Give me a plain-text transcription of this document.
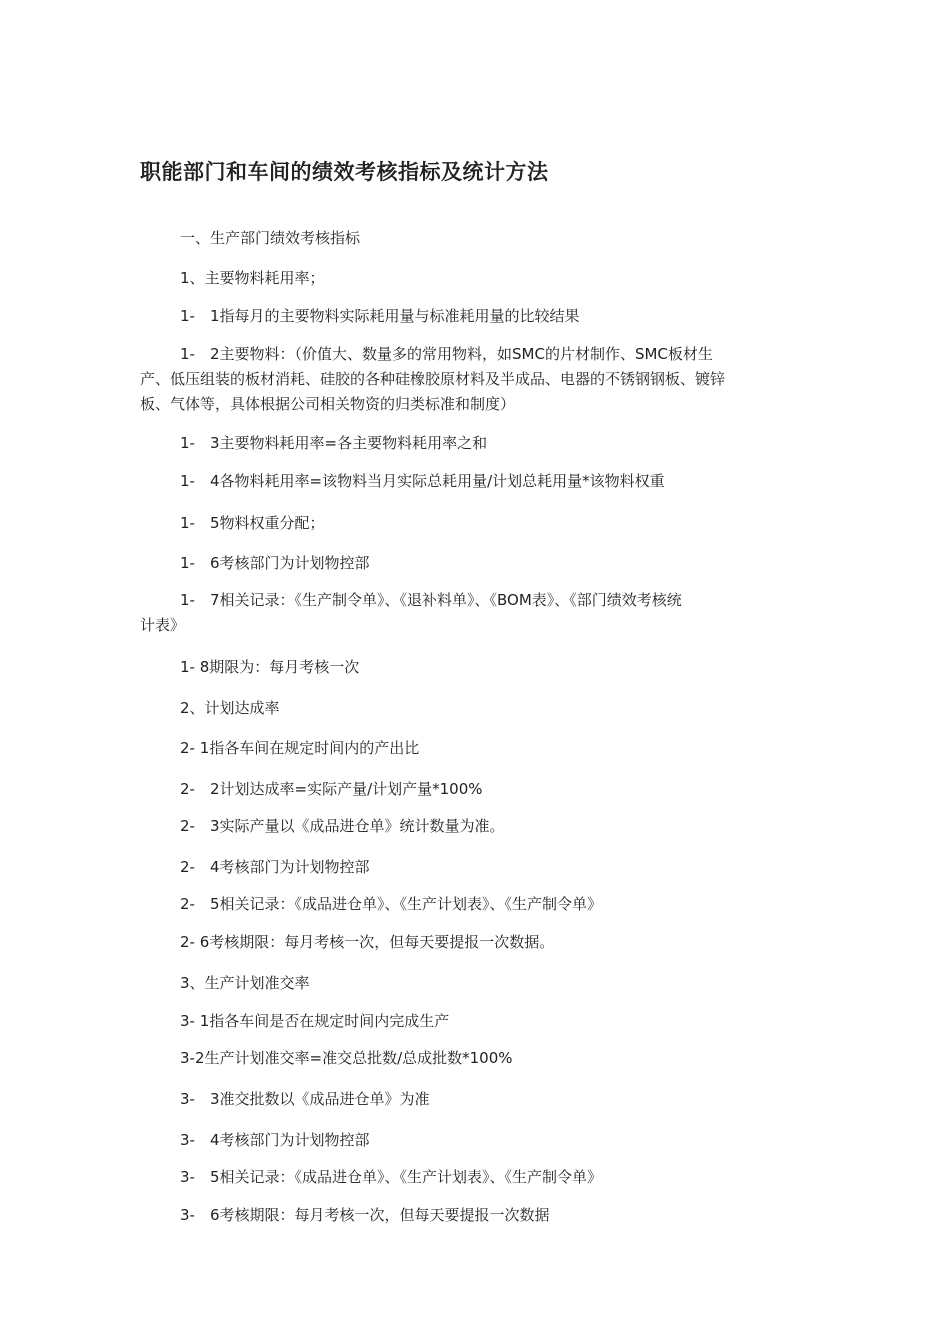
职能部门和车间的绩效考核指标及统计方法
一、生产部门绩效考核指标
1、主要物料耗用率；
1-　1指每月的主要物料实际耗用量与标准耗用量的比较结果
1-　2主要物料：（价值大、数量多的常用物料，如SMC的片材制作、SMC板材生
产、低压组装的板材消耗、硅胶的各种硅橡胶原材料及半成品、电器的不锈钢钢板、镀锌
板、气体等，具体根据公司相关物资的归类标准和制度）
1-　3主要物料耗用率=各主要物料耗用率之和
1-　4各物料耗用率=该物料当月实际总耗用量/计划总耗用量*该物料权重
1-　5物料权重分配；
1-　6考核部门为计划物控部
1-　7相关记录：《生产制令单》、《退补料单》、《BOM表》、《部门绩效考核统
计表》
1- 8期限为：每月考核一次
2、计划达成率
2- 1指各车间在规定时间内的产出比
2-　2计划达成率=实际产量/计划产量*100%
2-　3实际产量以《成品进仓单》统计数量为准。
2-　4考核部门为计划物控部
2-　5相关记录：《成品进仓单》、《生产计划表》、《生产制令单》
2- 6考核期限：每月考核一次，但每天要提报一次数据。
3、生产计划准交率
3- 1指各车间是否在规定时间内完成生产
3-2生产计划准交率=准交总批数/总成批数*100%
3-　3准交批数以《成品进仓单》为准
3-　4考核部门为计划物控部
3-　5相关记录：《成品进仓单》、《生产计划表》、《生产制令单》
3-　6考核期限：每月考核一次，但每天要提报一次数据
